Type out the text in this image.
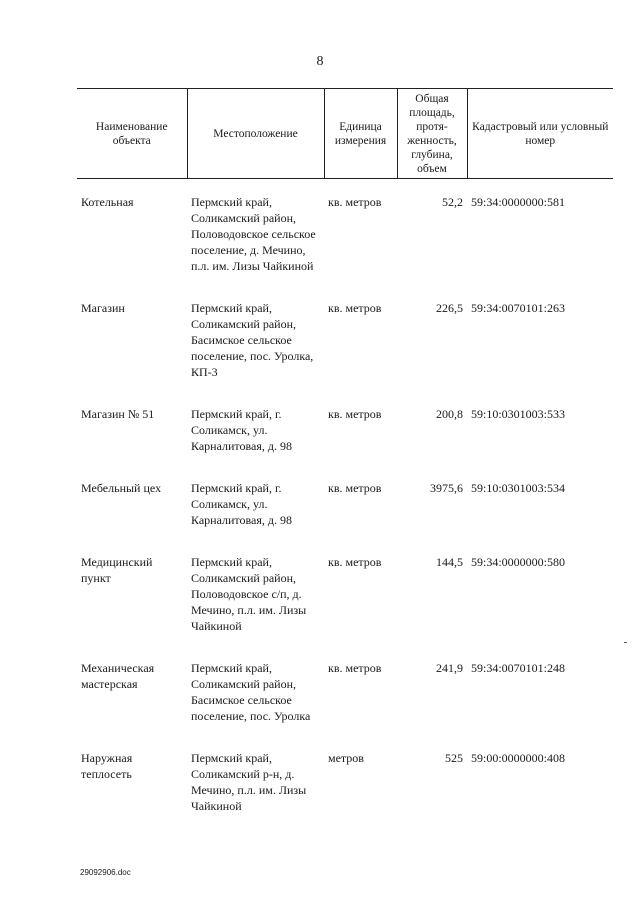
8
Наименование объекта	Местоположение	Единица измерения	Общая площадь, протя-женность, глубина, объем	Кадастровый или условный номер

Котельная	Пермский край, Соликамский район, Половодовское сельское поселение, д. Мечино, п.л. им. Лизы Чайкиной	кв. метров	52,2	59:34:0000000:581
Магазин	Пермский край, Соликамский район, Басимское сельское поселение, пос. Уролка, КП-3	кв. метров	226,5	59:34:0070101:263
Магазин № 51	Пермский край, г. Соликамск, ул. Карналитовая, д. 98	кв. метров	200,8	59:10:0301003:533
Мебельный цех	Пермский край, г. Соликамск, ул. Карналитовая, д. 98	кв. метров	3975,6	59:10:0301003:534
Медицинский пункт	Пермский край, Соликамский район, Половодовское с/п, д. Мечино, п.л. им. Лизы Чайкиной	кв. метров	144,5	59:34:0000000:580
Механическая мастерская	Пермский край, Соликамский район, Басимское сельское поселение, пос. Уролка	кв. метров	241,9	59:34:0070101:248
Наружная теплосеть	Пермский край, Соликамский р-н, д. Мечино, п.л. им. Лизы Чайкиной	метров	525	59:00:0000000:408
29092906.doc
